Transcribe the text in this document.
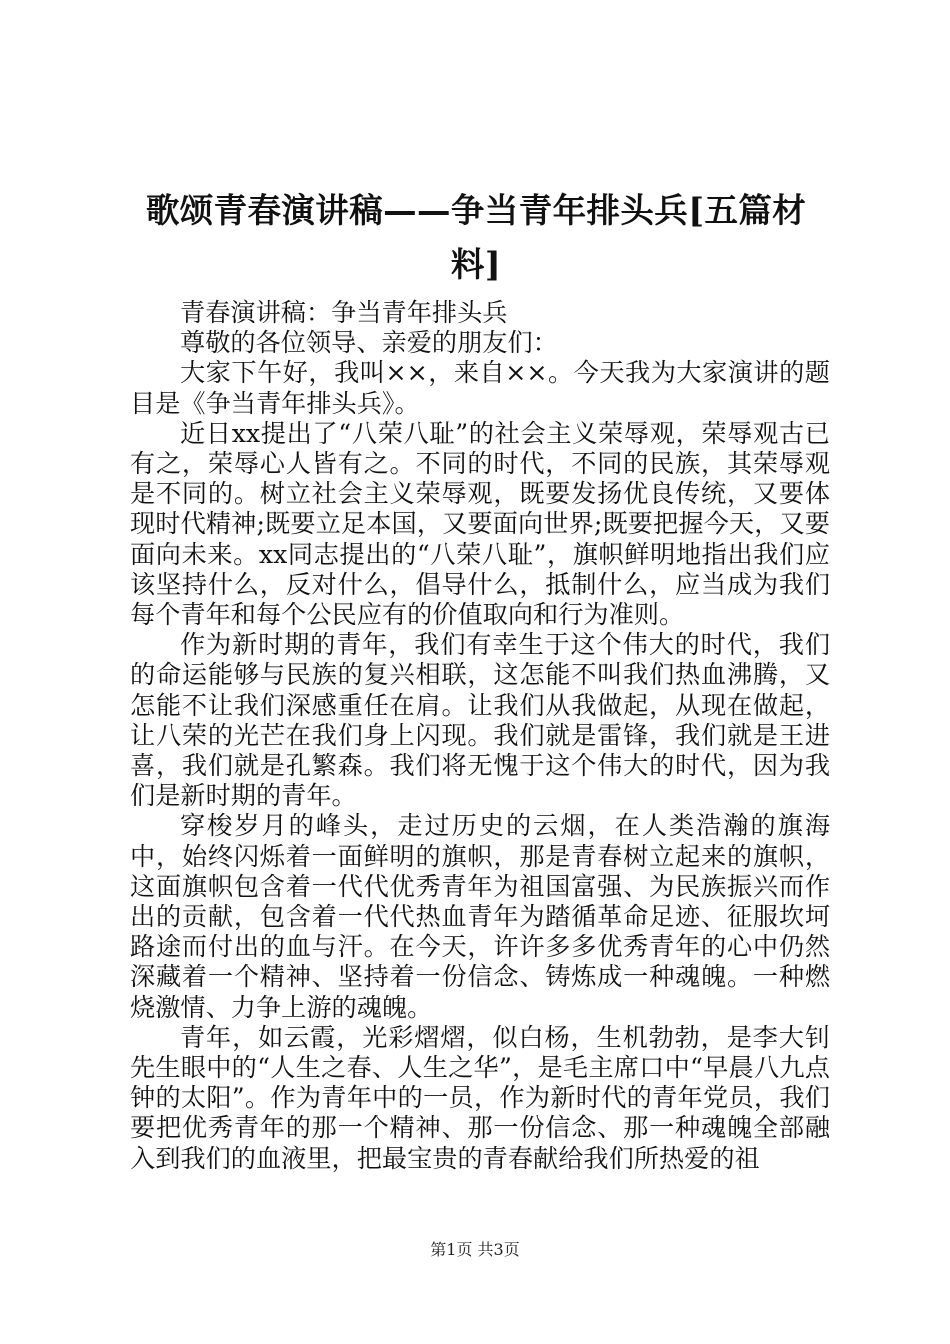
歌颂青春演讲稿——争当青年排头兵[五篇材料]

青春演讲稿：争当青年排头兵

尊敬的各位领导、亲爱的朋友们：

大家下午好，我叫××，来自××。今天我为大家演讲的题目是《争当青年排头兵》。

近日xx提出了“八荣八耻”的社会主义荣辱观，荣辱观古已有之，荣辱心人皆有之。不同的时代，不同的民族，其荣辱观是不同的。树立社会主义荣辱观，既要发扬优良传统，又要体现时代精神;既要立足本国，又要面向世界;既要把握今天，又要面向未来。xx同志提出的“八荣八耻”，旗帜鲜明地指出我们应该坚持什么，反对什么，倡导什么，抵制什么，应当成为我们每个青年和每个公民应有的价值取向和行为准则。

作为新时期的青年，我们有幸生于这个伟大的时代，我们的命运能够与民族的复兴相联，这怎能不叫我们热血沸腾，又怎能不让我们深感重任在肩。让我们从我做起，从现在做起，让八荣的光芒在我们身上闪现。我们就是雷锋，我们就是王进喜，我们就是孔繁森。我们将无愧于这个伟大的时代，因为我们是新时期的青年。

穿梭岁月的峰头，走过历史的云烟，在人类浩瀚的旗海中，始终闪烁着一面鲜明的旗帜，那是青春树立起来的旗帜，这面旗帜包含着一代代优秀青年为祖国富强、为民族振兴而作出的贡献，包含着一代代热血青年为踏循革命足迹、征服坎坷路途而付出的血与汗。在今天，许许多多优秀青年的心中仍然深藏着一个精神、坚持着一份信念、铸炼成一种魂魄。一种燃烧激情、力争上游的魂魄。

青年，如云霞，光彩熠熠，似白杨，生机勃勃，是李大钊先生眼中的“人生之春、人生之华”，是毛主席口中“早晨八九点钟的太阳”。作为青年中的一员，作为新时代的青年党员，我们要把优秀青年的那一个精神、那一份信念、那一种魂魄全部融入到我们的血液里，把最宝贵的青春献给我们所热爱的祖

第1页 共3页
